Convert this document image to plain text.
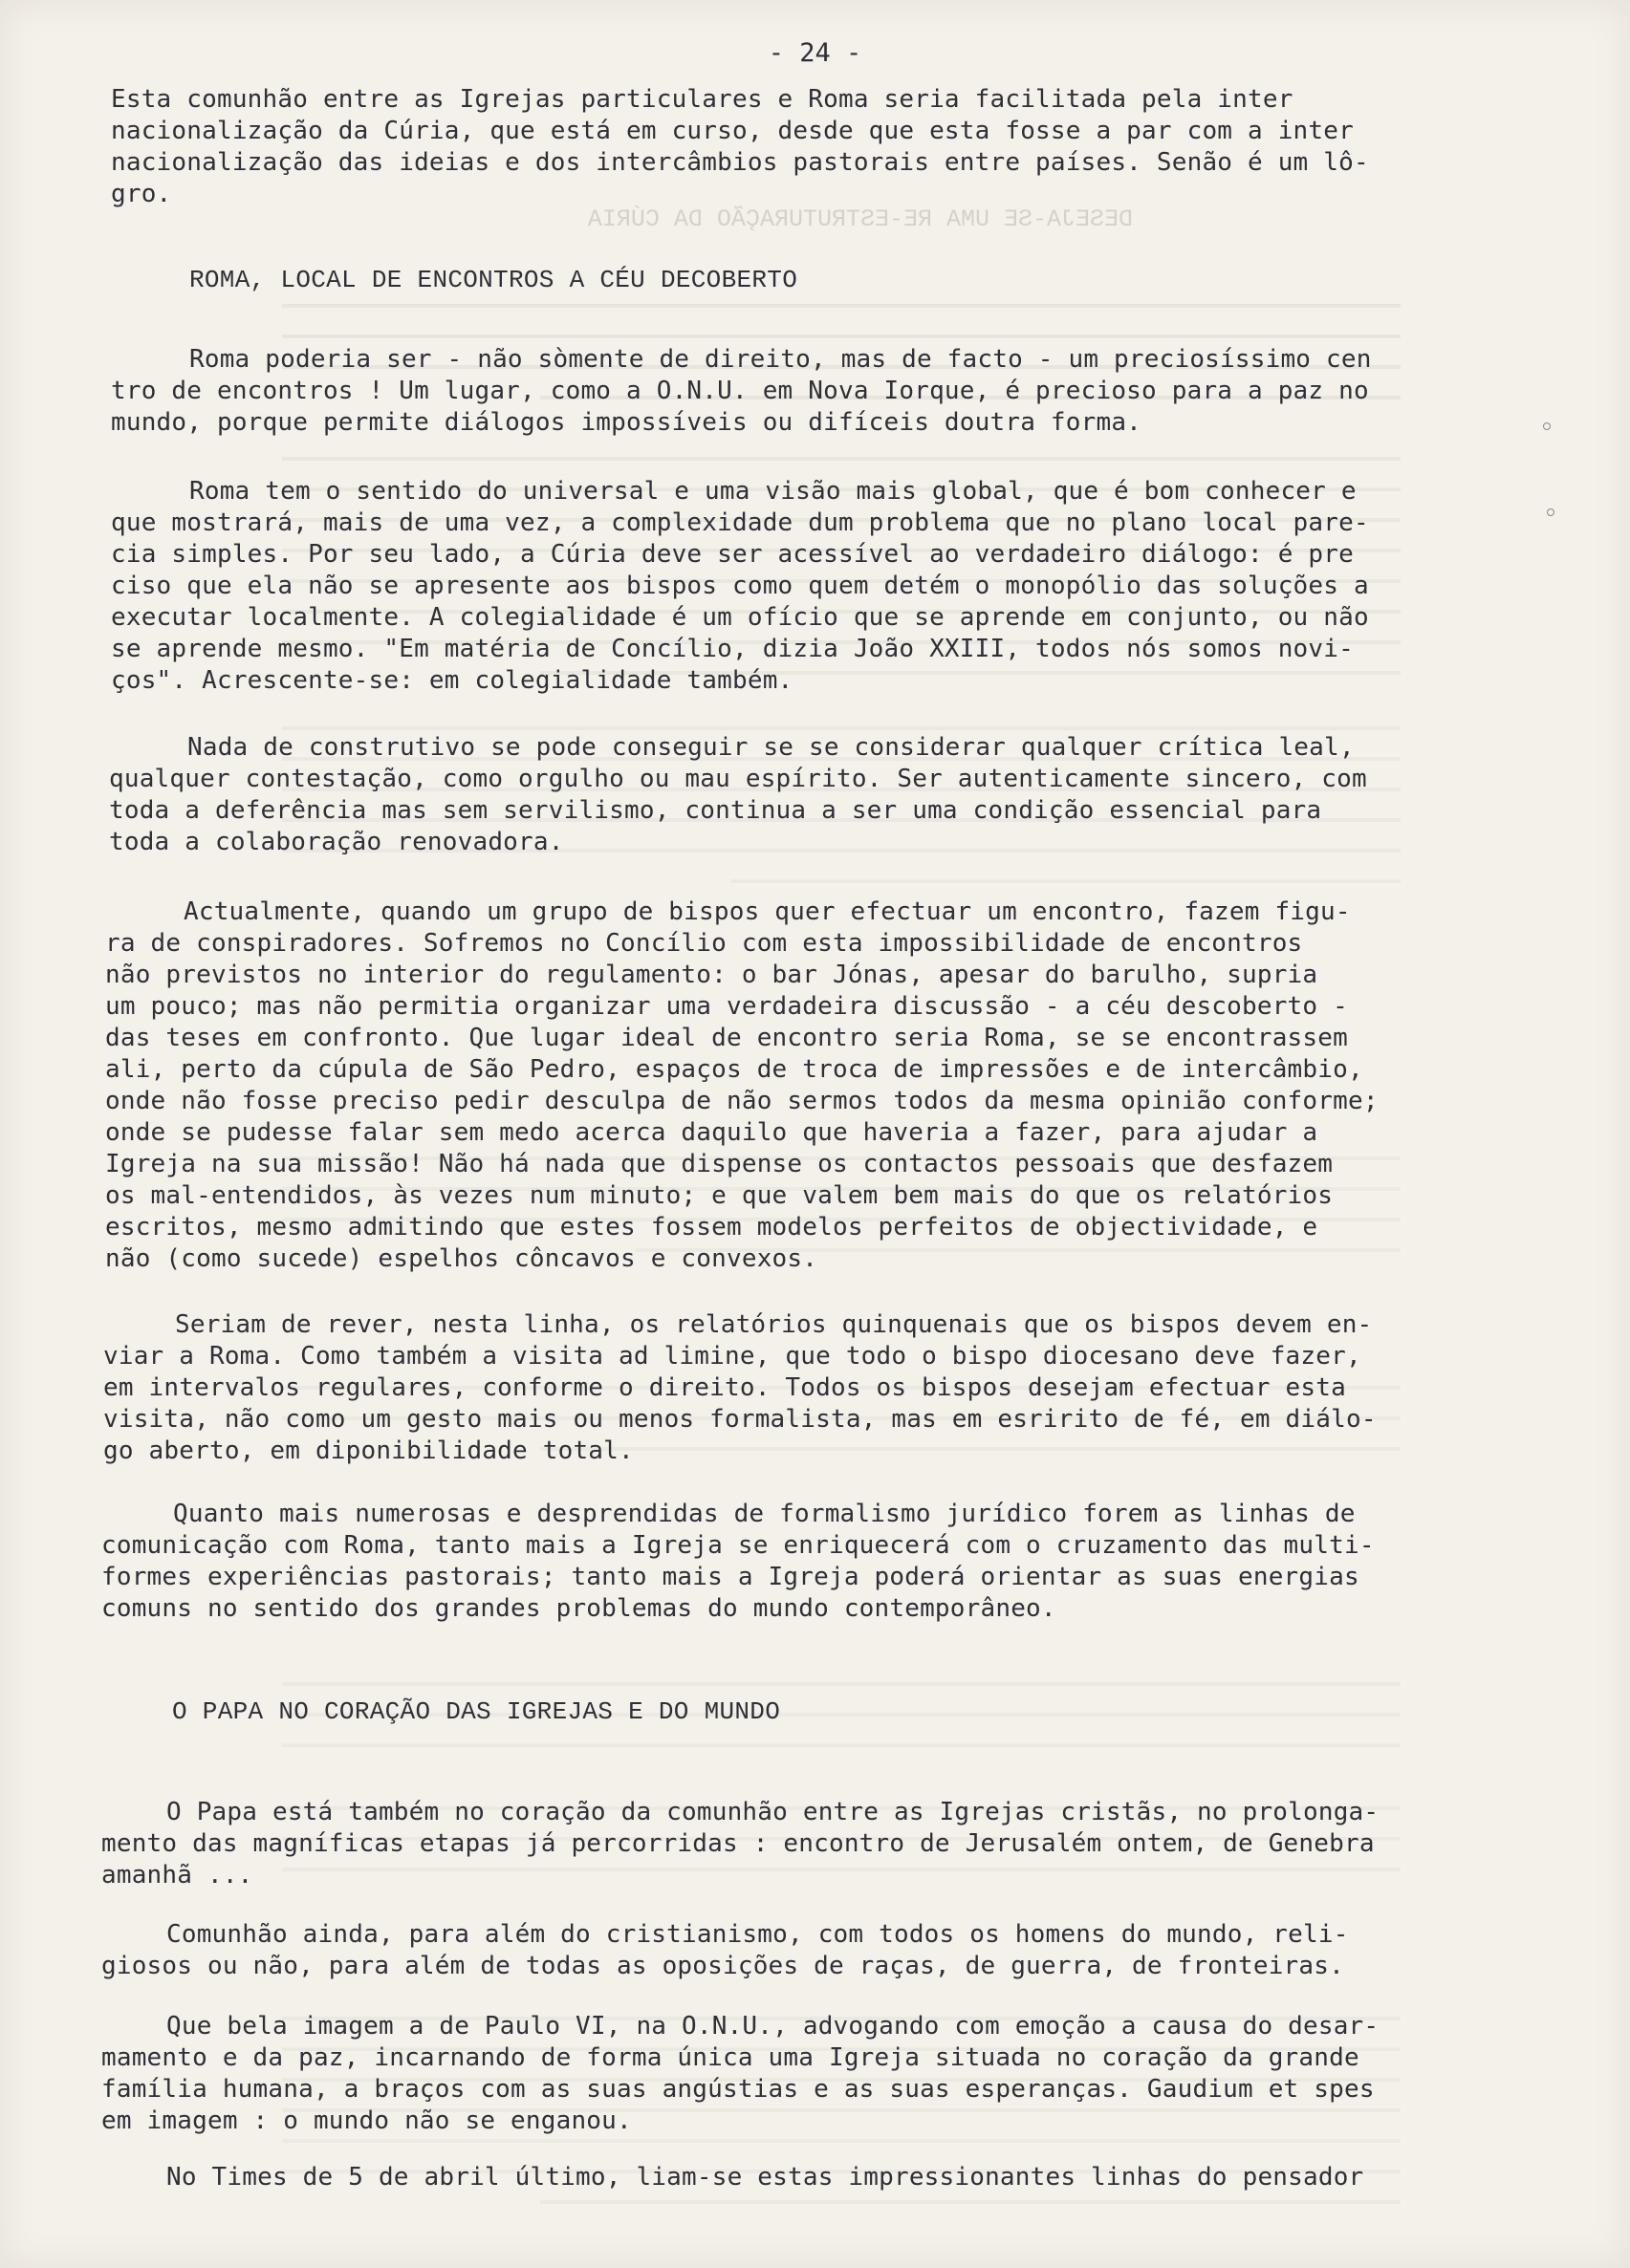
DESEJA-SE UMA RE-ESTRUTURAÇÃO DA CÚRIA

- 24 -

Esta comunhão entre as Igrejas particulares e Roma seria facilitada pela inter
nacionalização da Cúria, que está em curso, desde que esta fosse a par com a inter
nacionalização das ideias e dos intercâmbios pastorais entre países. Senão é um lô-
gro.

ROMA, LOCAL DE ENCONTROS A CÉU DECOBERTO

Roma poderia ser - não sòmente de direito, mas de facto - um preciosíssimo cen
tro de encontros ! Um lugar, como a O.N.U. em Nova Iorque, é precioso para a paz no
mundo, porque permite diálogos impossíveis ou difíceis doutra forma.
Roma tem o sentido do universal e uma visão mais global, que é bom conhecer e
que mostrará, mais de uma vez, a complexidade dum problema que no plano local pare-
cia simples. Por seu lado, a Cúria deve ser acessível ao verdadeiro diálogo: é pre
ciso que ela não se apresente aos bispos como quem detém o monopólio das soluções a
executar localmente. A colegialidade é um ofício que se aprende em conjunto, ou não
se aprende mesmo. "Em matéria de Concílio, dizia João XXIII, todos nós somos novi-
ços". Acrescente-se: em colegialidade também.
Nada de construtivo se pode conseguir se se considerar qualquer crítica leal,
qualquer contestação, como orgulho ou mau espírito. Ser autenticamente sincero, com
toda a deferência mas sem servilismo, continua a ser uma condição essencial para
toda a colaboração renovadora.
Actualmente, quando um grupo de bispos quer efectuar um encontro, fazem figu-
ra de conspiradores. Sofremos no Concílio com esta impossibilidade de encontros
não previstos no interior do regulamento: o bar Jónas, apesar do barulho, supria
um pouco; mas não permitia organizar uma verdadeira discussão - a céu descoberto -
das teses em confronto. Que lugar ideal de encontro seria Roma, se se encontrassem
ali, perto da cúpula de São Pedro, espaços de troca de impressões e de intercâmbio,
onde não fosse preciso pedir desculpa de não sermos todos da mesma opinião conforme;
onde se pudesse falar sem medo acerca daquilo que haveria a fazer, para ajudar a
Igreja na sua missão! Não há nada que dispense os contactos pessoais que desfazem
os mal-entendidos, às vezes num minuto; e que valem bem mais do que os relatórios
escritos, mesmo admitindo que estes fossem modelos perfeitos de objectividade, e
não (como sucede) espelhos côncavos e convexos.
Seriam de rever, nesta linha, os relatórios quinquenais que os bispos devem en-
viar a Roma. Como também a visita ad limine, que todo o bispo diocesano deve fazer,
em intervalos regulares, conforme o direito. Todos os bispos desejam efectuar esta
visita, não como um gesto mais ou menos formalista, mas em esririto de fé, em diálo-
go aberto, em diponibilidade total.
Quanto mais numerosas e desprendidas de formalismo jurídico forem as linhas de
comunicação com Roma, tanto mais a Igreja se enriquecerá com o cruzamento das multi-
formes experiências pastorais; tanto mais a Igreja poderá orientar as suas energias
comuns no sentido dos grandes problemas do mundo contemporâneo.

O PAPA NO CORAÇÃO DAS IGREJAS E DO MUNDO

O Papa está também no coração da comunhão entre as Igrejas cristãs, no prolonga-
mento das magníficas etapas já percorridas : encontro de Jerusalém ontem, de Genebra
amanhã ...
Comunhão ainda, para além do cristianismo, com todos os homens do mundo, reli-
giosos ou não, para além de todas as oposições de raças, de guerra, de fronteiras.
Que bela imagem a de Paulo VI, na O.N.U., advogando com emoção a causa do desar-
mamento e da paz, incarnando de forma única uma Igreja situada no coração da grande
família humana, a braços com as suas angústias e as suas esperanças. Gaudium et spes
em imagem : o mundo não se enganou.
No Times de 5 de abril último, liam-se estas impressionantes linhas do pensador
